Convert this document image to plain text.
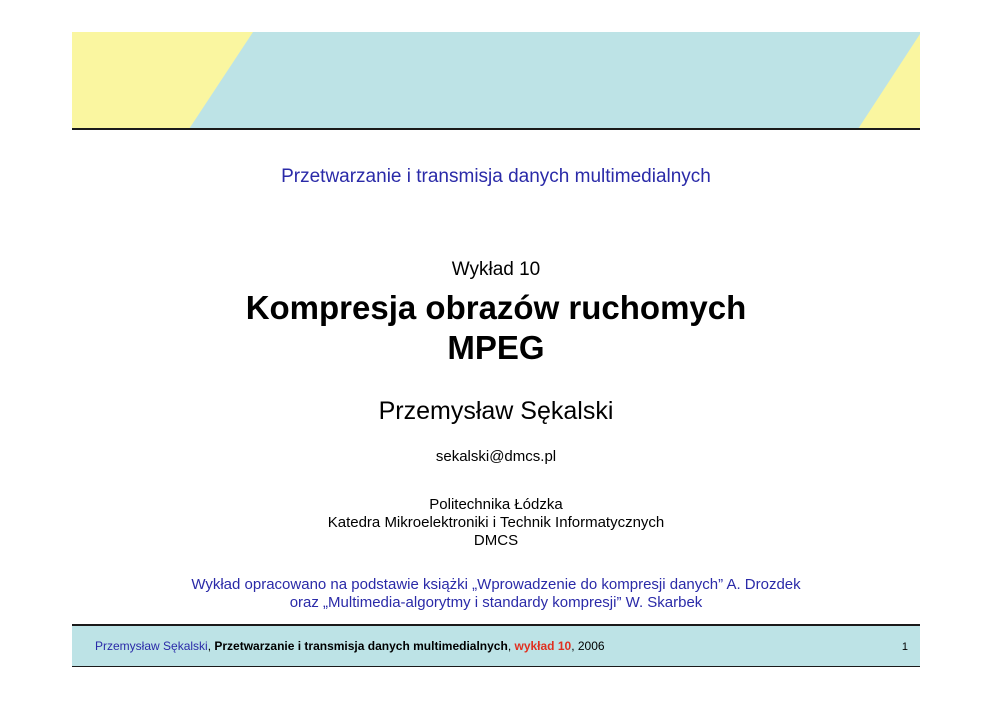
Przetwarzanie i transmisja danych multimedialnych
Wykład 10
Kompresja obrazów ruchomych
MPEG
Przemysław Sękalski
sekalski@dmcs.pl
Politechnika Łódzka
Katedra Mikroelektroniki i Technik Informatycznych
DMCS
Wykład opracowano na podstawie książki „Wprowadzenie do kompresji danych” A. Drozdek
oraz „Multimedia-algorytmy i standardy kompresji” W. Skarbek
Przemysław Sękalski, Przetwarzanie i transmisja danych multimedialnych, wykład 10, 2006	1
